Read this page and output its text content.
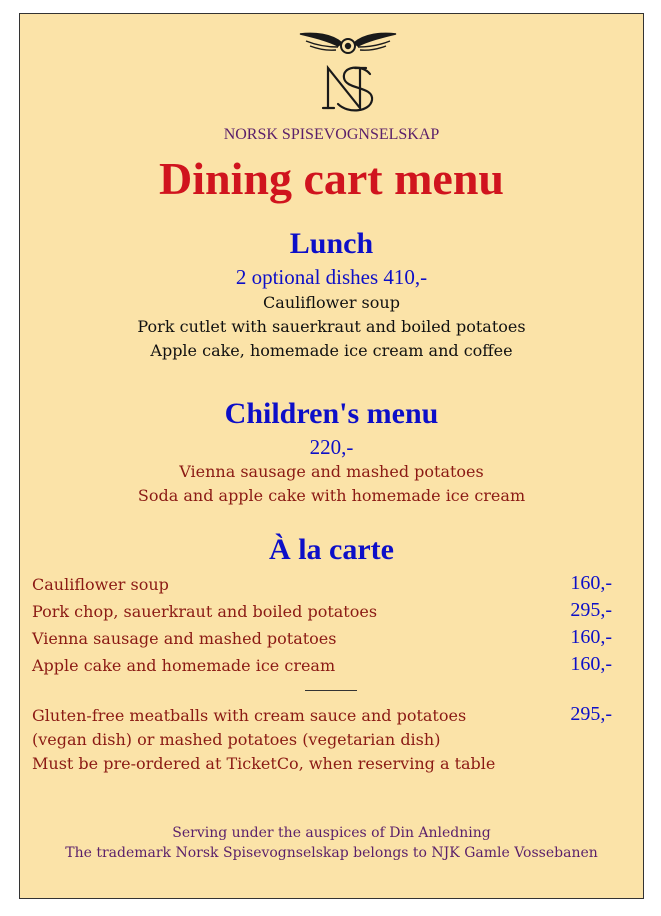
NORSK SPISEVOGNSELSKAP
Dining cart menu
Lunch
2 optional dishes 410,-
Cauliflower soup
Pork cutlet with sauerkraut and boiled potatoes
Apple cake, homemade ice cream and coffee
Children's menu
220,-
Vienna sausage and mashed potatoes
Soda and apple cake with homemade ice cream
À la carte
Cauliflower soup	160,-
Pork chop, sauerkraut and boiled potatoes	295,-
Vienna sausage and mashed potatoes	160,-
Apple cake and homemade ice cream	160,-
Gluten-free meatballs with cream sauce and potatoes	295,-
(vegan dish) or mashed potatoes (vegetarian dish)
Must be pre-ordered at TicketCo, when reserving a table
Serving under the auspices of Din Anledning
The trademark Norsk Spisevognselskap belongs to NJK Gamle Vossebanen
